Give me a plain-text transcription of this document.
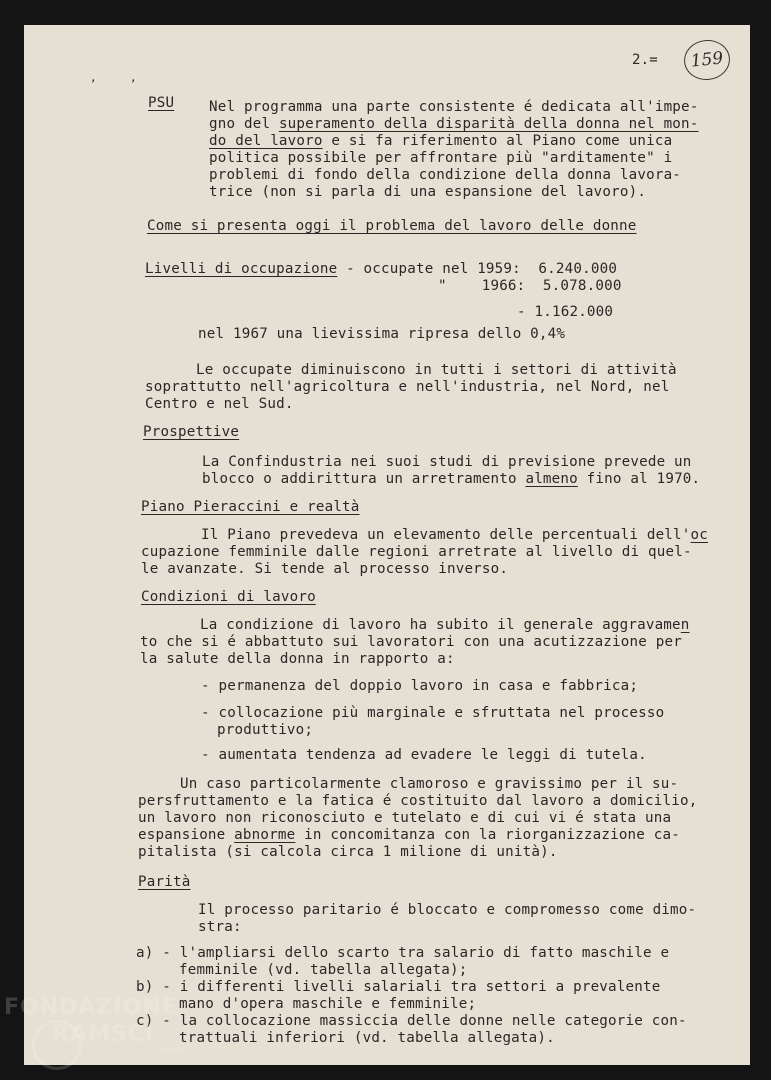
,	,
2.= 159
PSU Nel programma una parte consistente é dedicata all'impe-
gno del superamento della disparità della donna nel mon-
do del lavoro e si fa riferimento al Piano come unica
politica possibile per affrontare più "arditamente" i
problemi di fondo della condizione della donna lavora-
trice (non si parla di una espansione del lavoro).
Come si presenta oggi il problema del lavoro delle donne
Livelli di occupazione - occupate nel 1959:  6.240.000
"    1966:  5.078.000
- 1.162.000
nel 1967 una lievissima ripresa dello 0,4%
Le occupate diminuiscono in tutti i settori di attività
soprattutto nell'agricoltura e nell'industria, nel Nord, nel
Centro e nel Sud.
Prospettive
La Confindustria nei suoi studi di previsione prevede un
blocco o addirittura un arretramento almeno fino al 1970.
Piano Pieraccini e realtà
Il Piano prevedeva un elevamento delle percentuali dell'oc
cupazione femminile dalle regioni arretrate al livello di quel-
le avanzate. Si tende al processo inverso.
Condizioni di lavoro
La condizione di lavoro ha subito il generale aggravamen
to che si é abbattuto sui lavoratori con una acutizzazione per
la salute della donna in rapporto a:
- permanenza del doppio lavoro in casa e fabbrica;
- collocazione più marginale e sfruttata nel processo
produttivo;
- aumentata tendenza ad evadere le leggi di tutela.
Un caso particolarmente clamoroso e gravissimo per il su-
persfruttamento e la fatica é costituito dal lavoro a domicilio,
un lavoro non riconosciuto e tutelato e di cui vi é stata una
espansione abnorme in concomitanza con la riorganizzazione ca-
pitalista (si calcola circa 1 milione di unità).
Parità
Il processo paritario é bloccato e compromesso come dimo-
stra:
a) - l'ampliarsi dello scarto tra salario di fatto maschile e
femminile (vd. tabella allegata);
b) - i differenti livelli salariali tra settori a prevalente
mano d'opera maschile e femminile;
c) - la collocazione massiccia delle donne nelle categorie con-
trattuali inferiori (vd. tabella allegata).
FONDAZIONE
RAMSCI
onlus
